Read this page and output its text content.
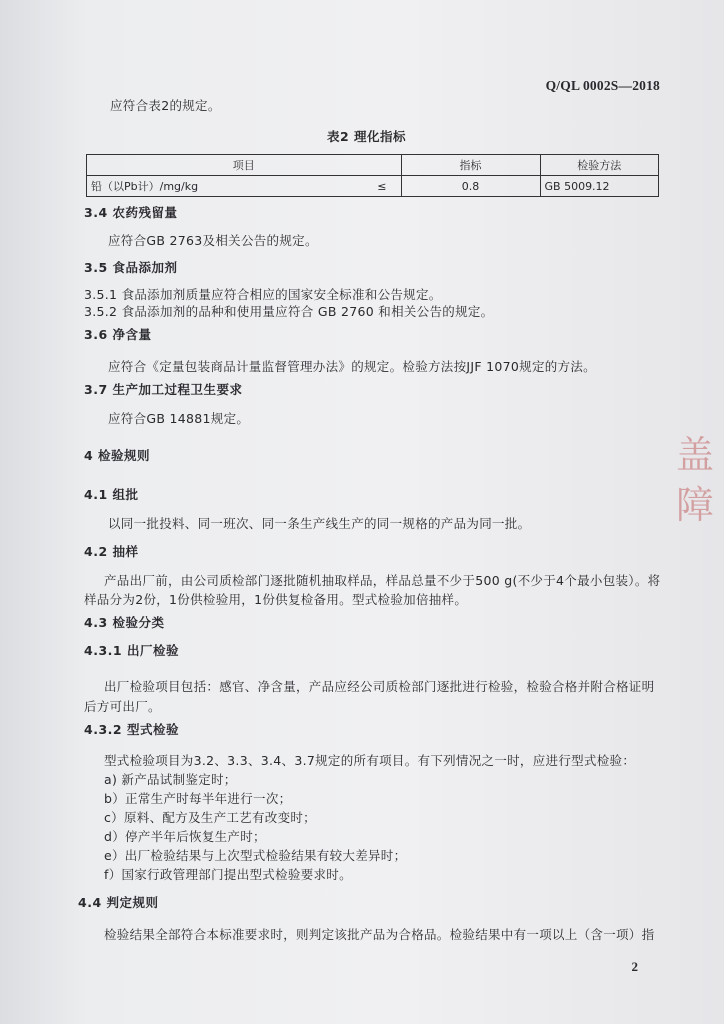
Q/QL 0002S—2018
应符合表2的规定。
表2 理化指标
项目		指标	检验方法
铅（以Pb计）/mg/kg	≤	0.8	GB 5009.12
3.4 农药残留量
应符合GB 2763及相关公告的规定。
3.5 食品添加剂
3.5.1 食品添加剂质量应符合相应的国家安全标准和公告规定。
3.5.2 食品添加剂的品种和使用量应符合 GB 2760 和相关公告的规定。
3.6 净含量
应符合《定量包装商品计量监督管理办法》的规定。检验方法按JJF 1070规定的方法。
3.7 生产加工过程卫生要求
应符合GB 14881规定。
4 检验规则
4.1 组批
以同一批投料、同一班次、同一条生产线生产的同一规格的产品为同一批。
4.2 抽样
产品出厂前，由公司质检部门逐批随机抽取样品，样品总量不少于500 g(不少于4个最小包装）。将
样品分为2份，1份供检验用，1份供复检备用。型式检验加倍抽样。
4.3 检验分类
4.3.1 出厂检验
出厂检验项目包括：感官、净含量，产品应经公司质检部门逐批进行检验，检验合格并附合格证明
后方可出厂。
4.3.2 型式检验
型式检验项目为3.2、3.3、3.4、3.7规定的所有项目。有下列情况之一时，应进行型式检验：
a) 新产品试制鉴定时；
b）正常生产时每半年进行一次；
c）原料、配方及生产工艺有改变时；
d）停产半年后恢复生产时；
e）出厂检验结果与上次型式检验结果有较大差异时；
f）国家行政管理部门提出型式检验要求时。
4.4 判定规则
检验结果全部符合本标准要求时，则判定该批产品为合格品。检验结果中有一项以上（含一项）指
2
盖 障
